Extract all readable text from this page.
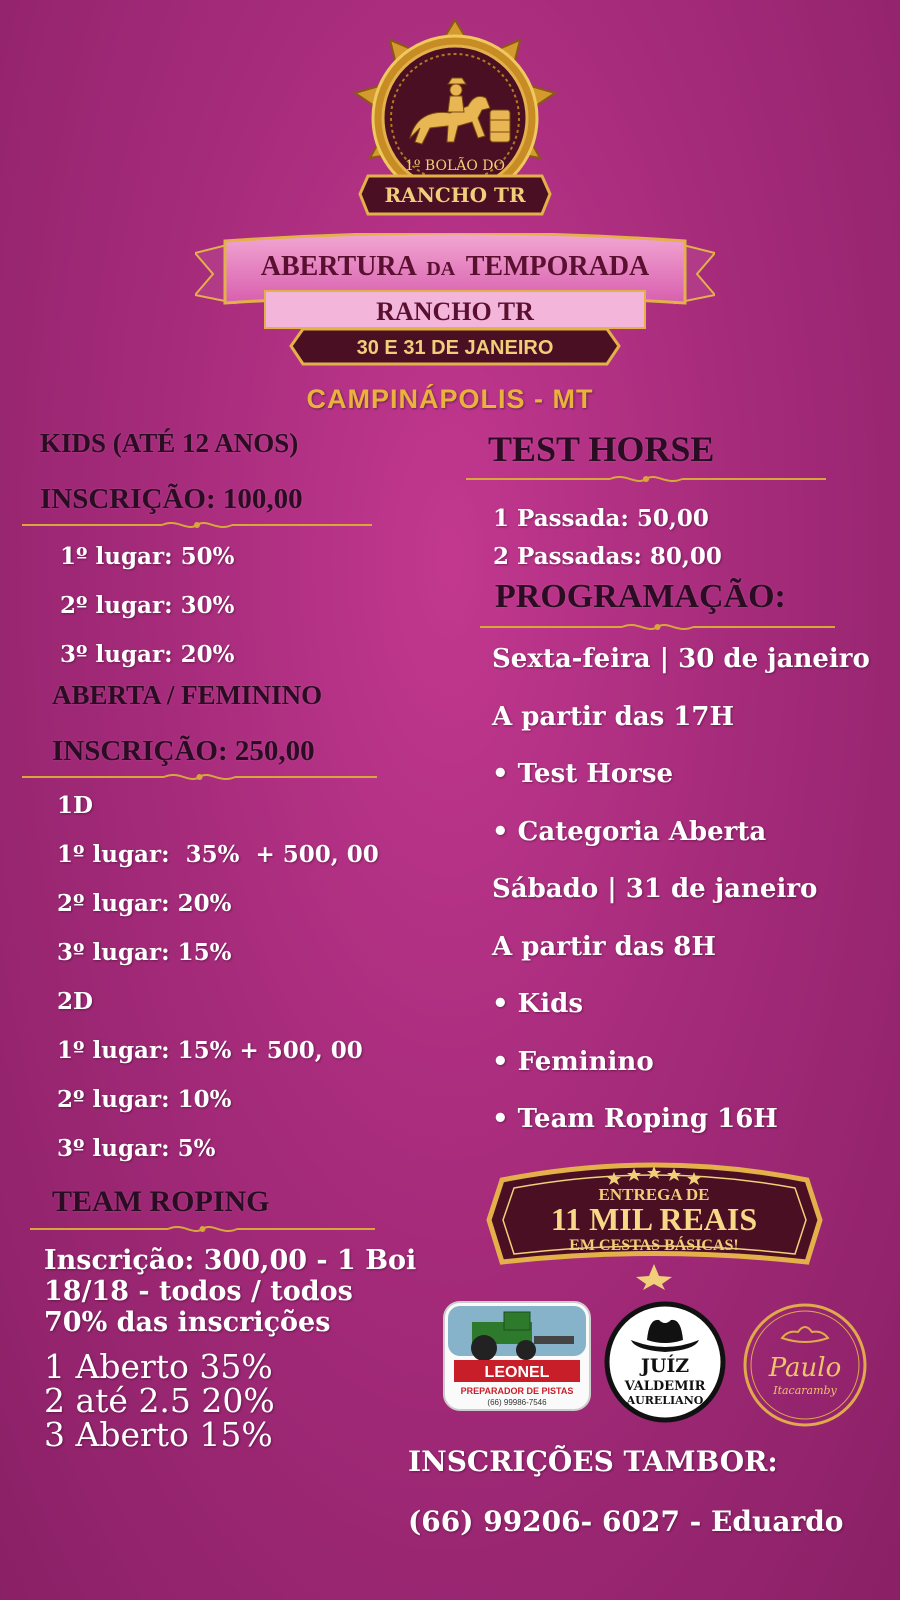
1º BOLÃO DO
RANCHO TR
ABERTURA DA TEMPORADA
RANCHO TR
30 E 31 DE JANEIRO
CAMPINÁPOLIS - MT
KIDS (ATÉ 12 ANOS)
INSCRIÇÃO: 100,00
1º lugar: 50%
2º lugar: 30%
3º lugar: 20%
ABERTA / FEMININO
INSCRIÇÃO: 250,00
1D
1º lugar:  35%  + 500, 00
2º lugar: 20%
3º lugar: 15%
2D
1º lugar: 15% + 500, 00
2º lugar: 10%
3º lugar: 5%
TEAM ROPING
Inscrição: 300,00 - 1 Boi
18/18 - todos / todos
70% das inscrições
1 Aberto 35%
2 até 2.5 20%
3 Aberto 15%
TEST HORSE
1 Passada: 50,00
2 Passadas: 80,00
PROGRAMAÇÃO:
Sexta-feira | 30 de janeiro
A partir das 17H
• Test Horse
• Categoria Aberta
Sábado | 31 de janeiro
A partir das 8H
• Kids
• Feminino
• Team Roping 16H
ENTREGA DE
11 MIL REAIS
EM CESTAS BÁSICAS!
LEONEL
PREPARADOR DE PISTAS
(66) 99986-7546
JUÍZ
VALDEMIR
AURELIANO
Paulo
Itacaramby
INSCRIÇÕES TAMBOR:
(66) 99206- 6027 - Eduardo
